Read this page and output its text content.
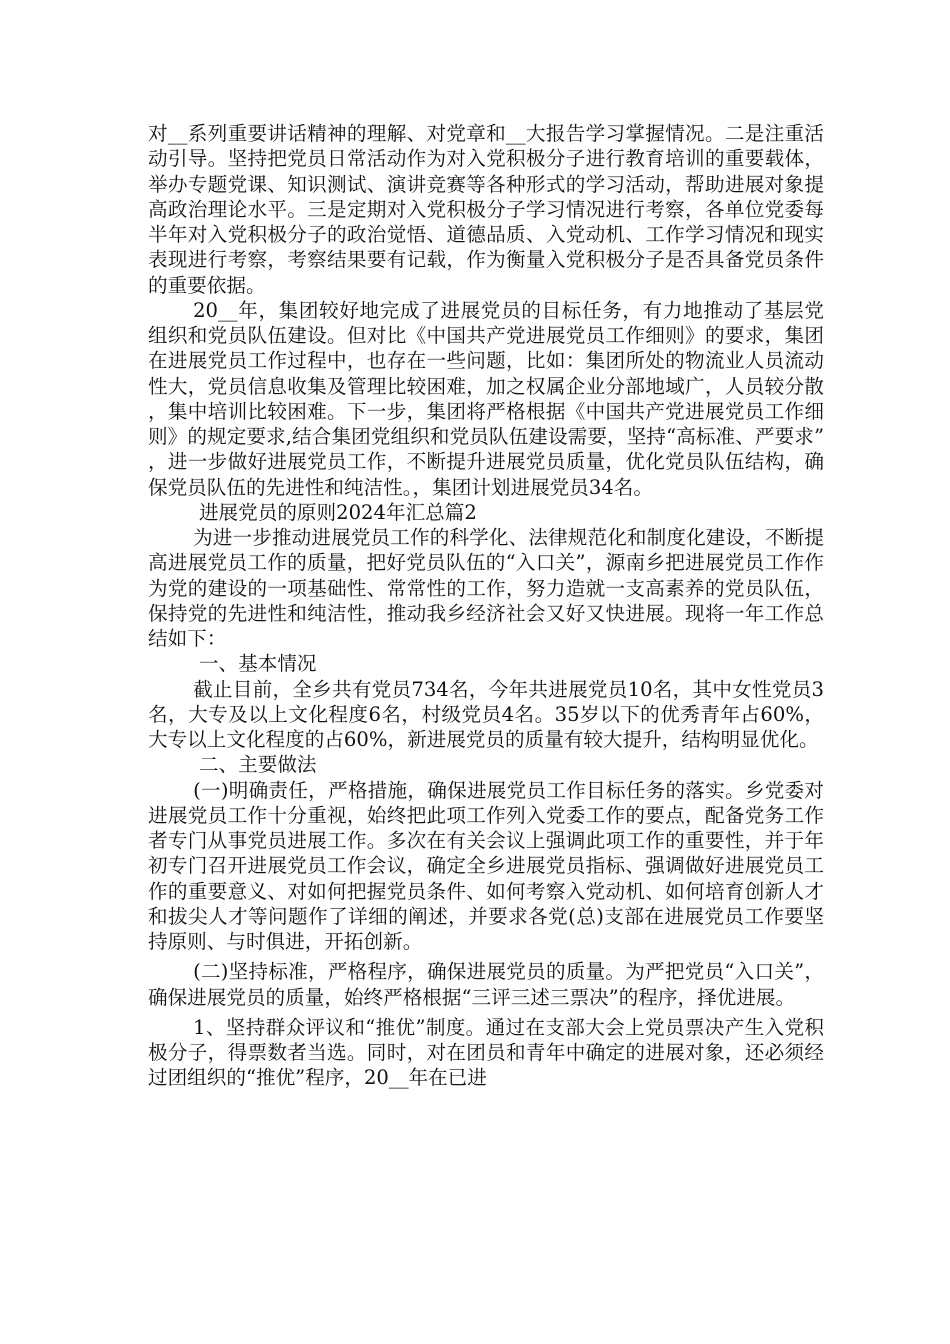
对__系列重要讲话精神的理解、对党章和__大报告学习掌握情况。二是注重活动引导。坚持把党员日常活动作为对入党积极分子进行教育培训的重要载体，举办专题党课、知识测试、演讲竞赛等各种形式的学习活动，帮助进展对象提高政治理论水平。三是定期对入党积极分子学习情况进行考察，各单位党委每半年对入党积极分子的政治觉悟、道德品质、入党动机、工作学习情况和现实表现进行考察，考察结果要有记载，作为衡量入党积极分子是否具备党员条件的重要依据。

20__年，集团较好地完成了进展党员的目标任务，有力地推动了基层党组织和党员队伍建设。但对比《中国共产党进展党员工作细则》的要求，集团在进展党员工作过程中，也存在一些问题，比如：集团所处的物流业人员流动性大，党员信息收集及管理比较困难，加之权属企业分部地域广，人员较分散，集中培训比较困难。下一步，集团将严格根据《中国共产党进展党员工作细则》的规定要求,结合集团党组织和党员队伍建设需要，坚持“高标准、严要求”，进一步做好进展党员工作，不断提升进展党员质量，优化党员队伍结构，确保党员队伍的先进性和纯洁性。，集团计划进展党员34名。

进展党员的原则2024年汇总篇2

为进一步推动进展党员工作的科学化、法律规范化和制度化建设，不断提高进展党员工作的质量，把好党员队伍的“入口关”，源南乡把进展党员工作作为党的建设的一项基础性、常常性的工作，努力造就一支高素养的党员队伍，保持党的先进性和纯洁性，推动我乡经济社会又好又快进展。现将一年工作总结如下：

一、基本情况

截止目前，全乡共有党员734名，今年共进展党员10名，其中女性党员3名，大专及以上文化程度6名，村级党员4名。35岁以下的优秀青年占60%，大专以上文化程度的占60%，新进展党员的质量有较大提升，结构明显优化。

二、主要做法

(一)明确责任，严格措施，确保进展党员工作目标任务的落实。乡党委对进展党员工作十分重视，始终把此项工作列入党委工作的要点，配备党务工作者专门从事党员进展工作。多次在有关会议上强调此项工作的重要性，并于年初专门召开进展党员工作会议，确定全乡进展党员指标、强调做好进展党员工作的重要意义、对如何把握党员条件、如何考察入党动机、如何培育创新人才和拔尖人才等问题作了详细的阐述，并要求各党(总)支部在进展党员工作要坚持原则、与时俱进，开拓创新。

(二)坚持标准，严格程序，确保进展党员的质量。为严把党员“入口关”，确保进展党员的质量，始终严格根据“三评三述三票决”的程序，择优进展。

1、坚持群众评议和“推优”制度。通过在支部大会上党员票决产生入党积极分子，得票数者当选。同时，对在团员和青年中确定的进展对象，还必须经过团组织的“推优”程序，20__年在已进
